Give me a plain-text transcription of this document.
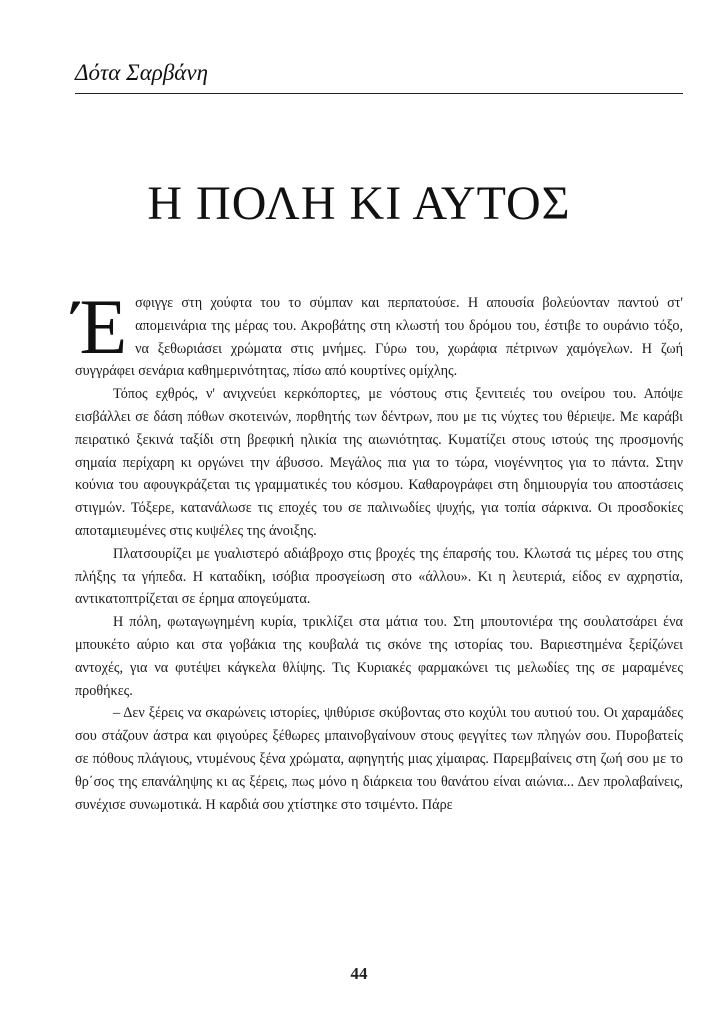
Δότα Σαρβάνη
Η ΠΟΛΗ ΚΙ ΑΥΤΟΣ

Έσφιγγε στη χούφτα του το σύμπαν και περπατούσε. Η απουσία βολεύονταν παντού στ' απομεινάρια της μέρας του. Ακροβάτης στη κλωστή του δρόμου του, έστιβε το ουράνιο τόξο, να ξεθωριάσει χρώματα στις μνήμες. Γύρω του, χωράφια πέτρινων χαμόγελων. Η ζωή συγγράφει σενάρια καθημερινότητας, πίσω από κουρτίνες ομίχλης.

Τόπος εχθρός, ν' ανιχνεύει κερκόπορτες, με νόστους στις ξενιτειές του ονείρου του. Απόψε εισβάλλει σε δάση πόθων σκοτεινών, πορθητής των δέντρων, που με τις νύχτες του θέριεψε. Με καράβι πειρατικό ξεκινά ταξίδι στη βρεφική ηλικία της αιωνιότητας. Κυματίζει στους ιστούς της προσμονής σημαία περίχαρη κι οργώνει την άβυσσο. Μεγάλος πια για το τώρα, νιογέννητος για το πάντα. Στην κούνια του αφουγκράζεται τις γραμματικές του κόσμου. Καθαρογράφει στη δημιουργία του αποστάσεις στιγμών. Τόξερε, κατανάλωσε τις εποχές του σε παλινωδίες ψυχής, για τοπία σάρκινα. Οι προσδοκίες αποταμιευμένες στις κυψέλες της άνοιξης.

Πλατσουρίζει με γυαλιστερό αδιάβροχο στις βροχές της έπαρσής του. Κλωτσά τις μέρες του στης πλήξης τα γήπεδα. Η καταδίκη, ισόβια προσγείωση στο «άλλου». Κι η λευτεριά, είδος εν αχρηστία, αντικατοπτρίζεται σε έρημα απογεύματα.

Η πόλη, φωταγωγημένη κυρία, τρικλίζει στα μάτια του. Στη μπουτονιέρα της σουλατσάρει ένα μπουκέτο αύριο και στα γοβάκια της κουβαλά τις σκόνε της ιστορίας του. Βαριεστημένα ξερίζώνει αντοχές, για να φυτέψει κάγκελα θλίψης. Τις Κυριακές φαρμακώνει τις μελωδίες της σε μαραμένες προθήκες.

– Δεν ξέρεις να σκαρώνεις ιστορίες, ψιθύρισε σκύβοντας στο κοχύλι του αυτιού του. Οι χαραμάδες σου στάζουν άστρα και φιγούρες ξέθωρες μπαινοβγαίνουν στους φεγγίτες των πληγών σου. Πυροβατείς σε πόθους πλάγιους, ντυμένους ξένα χρώματα, αφηγητής μιας χίμαιρας. Παρεμβαίνεις στη ζωή σου με το θρ΄σος της επανάληψης κι ας ξέρεις, πως μόνο η διάρκεια του θανάτου είναι αιώνια... Δεν προλαβαίνεις, συνέχισε συνωμοτικά. Η καρδιά σου χτίστηκε στο τσιμέντο. Πάρε

44
